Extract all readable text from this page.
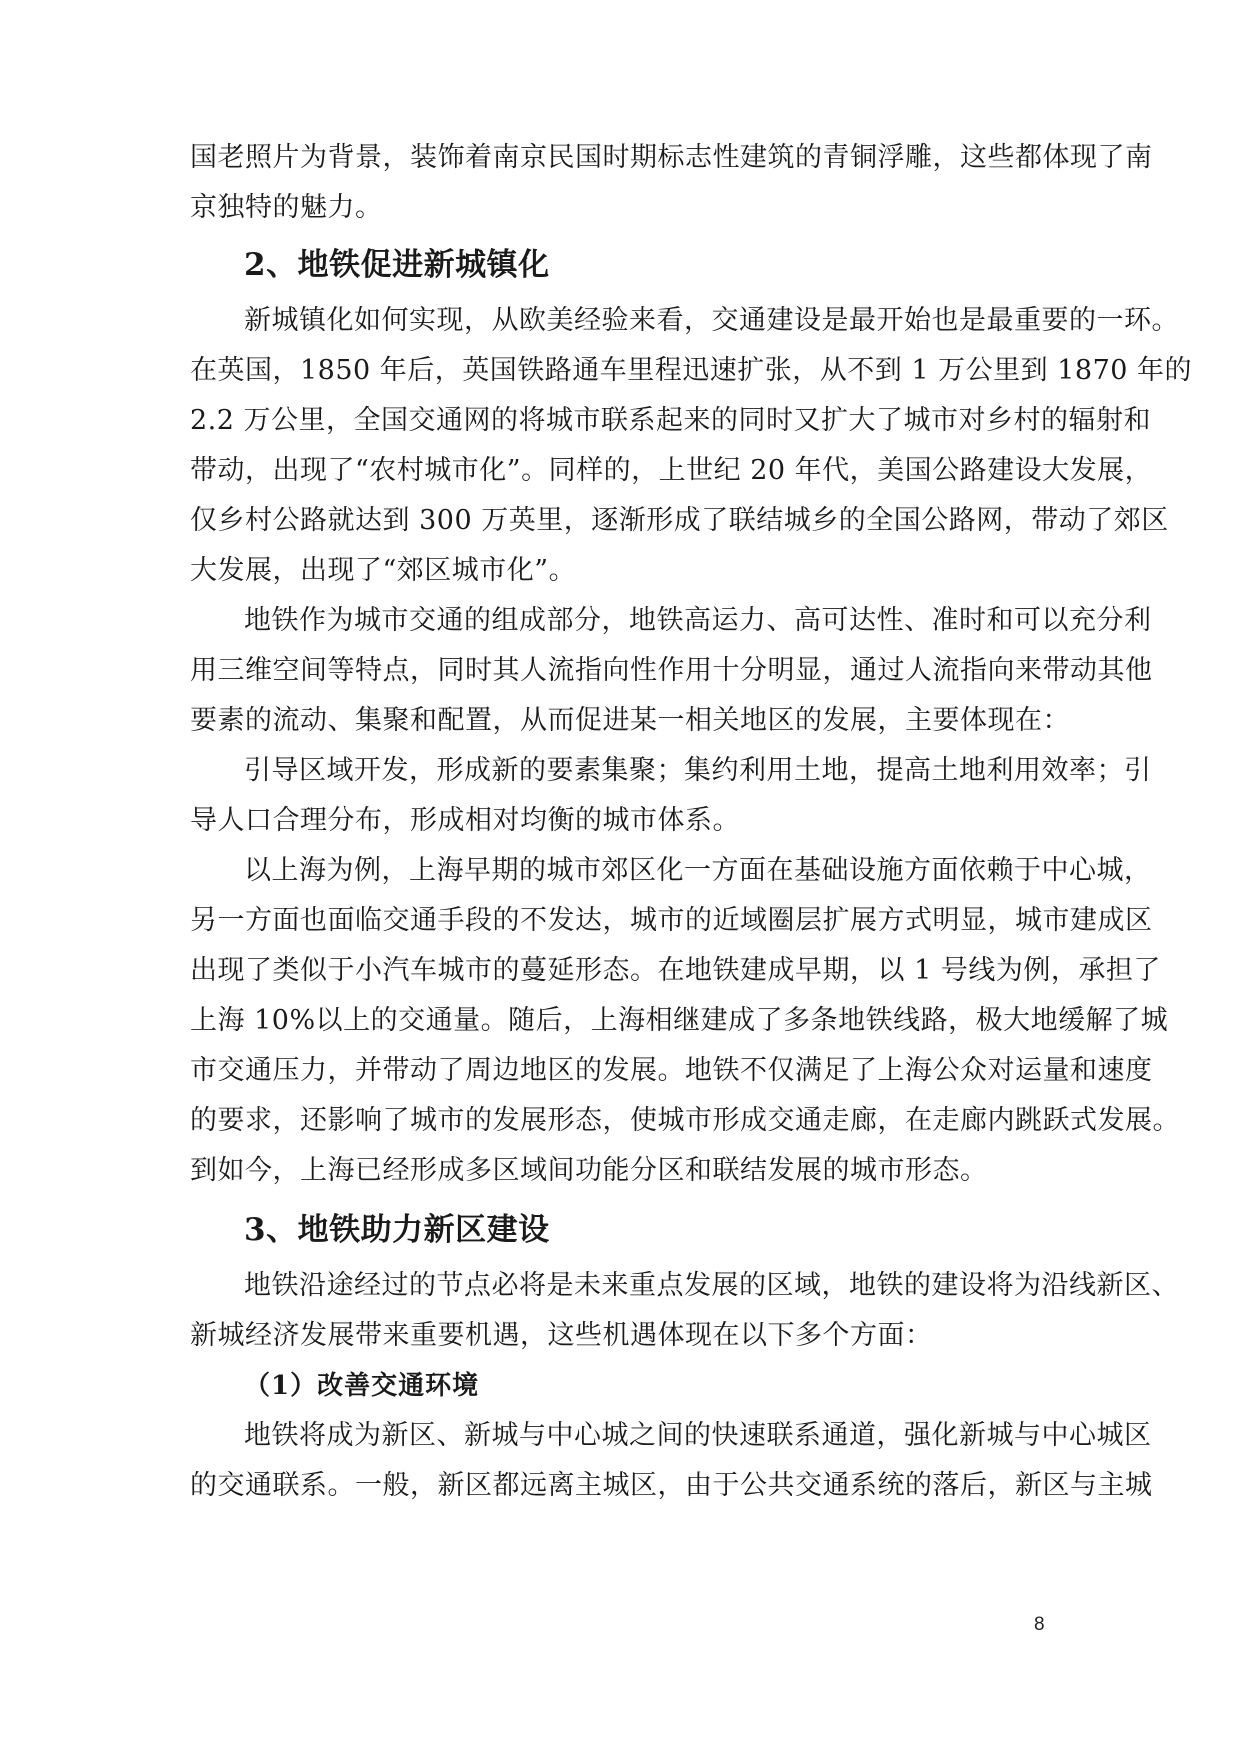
国老照片为背景，装饰着南京民国时期标志性建筑的青铜浮雕，这些都体现了南
京独特的魅力。
2、地铁促进新城镇化
新城镇化如何实现，从欧美经验来看，交通建设是最开始也是最重要的一环。
在英国，1850 年后，英国铁路通车里程迅速扩张，从不到 1 万公里到 1870 年的
2.2 万公里，全国交通网的将城市联系起来的同时又扩大了城市对乡村的辐射和
带动，出现了“农村城市化”。同样的，上世纪 20 年代，美国公路建设大发展，
仅乡村公路就达到 300 万英里，逐渐形成了联结城乡的全国公路网，带动了郊区
大发展，出现了“郊区城市化”。
地铁作为城市交通的组成部分，地铁高运力、高可达性、准时和可以充分利
用三维空间等特点，同时其人流指向性作用十分明显，通过人流指向来带动其他
要素的流动、集聚和配置，从而促进某一相关地区的发展，主要体现在：
引导区域开发，形成新的要素集聚；集约利用土地，提高土地利用效率；引
导人口合理分布，形成相对均衡的城市体系。
以上海为例，上海早期的城市郊区化一方面在基础设施方面依赖于中心城，
另一方面也面临交通手段的不发达，城市的近域圈层扩展方式明显，城市建成区
出现了类似于小汽车城市的蔓延形态。在地铁建成早期，以 1 号线为例，承担了
上海 10%以上的交通量。随后，上海相继建成了多条地铁线路，极大地缓解了城
市交通压力，并带动了周边地区的发展。地铁不仅满足了上海公众对运量和速度
的要求，还影响了城市的发展形态，使城市形成交通走廊，在走廊内跳跃式发展。
到如今，上海已经形成多区域间功能分区和联结发展的城市形态。
3、地铁助力新区建设
地铁沿途经过的节点必将是未来重点发展的区域，地铁的建设将为沿线新区、
新城经济发展带来重要机遇，这些机遇体现在以下多个方面：
（1）改善交通环境
地铁将成为新区、新城与中心城之间的快速联系通道，强化新城与中心城区
的交通联系。一般，新区都远离主城区，由于公共交通系统的落后，新区与主城
8
